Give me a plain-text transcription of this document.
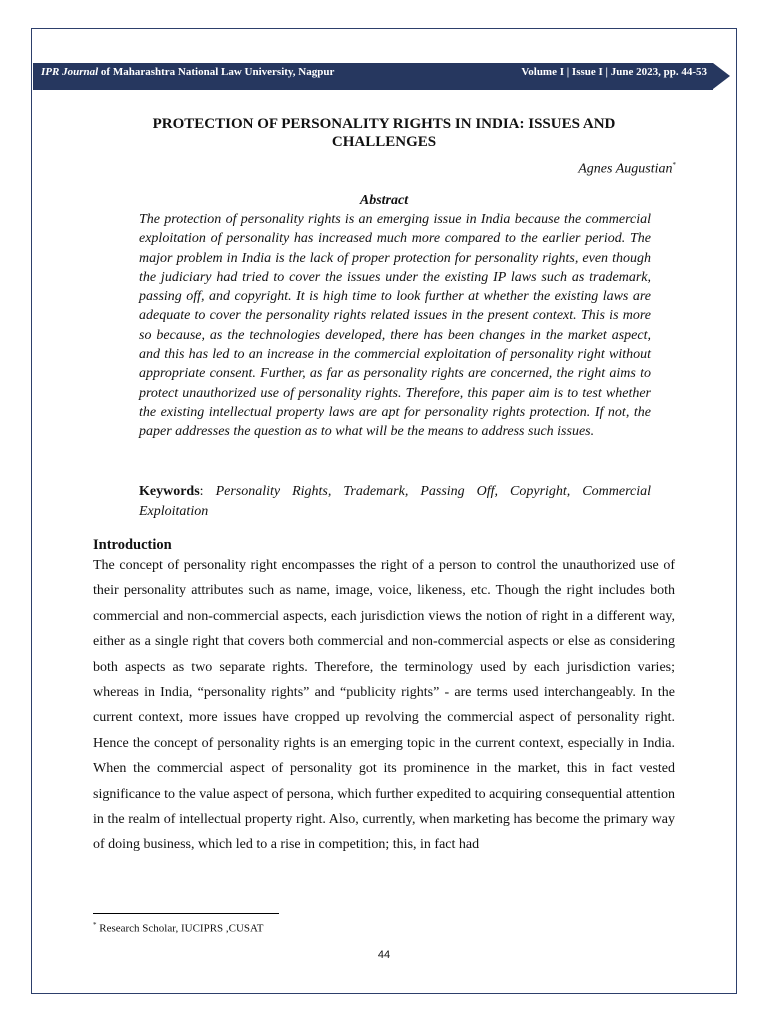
IPR Journal of Maharashtra National Law University, Nagpur	Volume I | Issue I | June 2023, pp. 44-53
PROTECTION OF PERSONALITY RIGHTS IN INDIA: ISSUES AND CHALLENGES
Agnes Augustian*
Abstract
The protection of personality rights is an emerging issue in India because the commercial exploitation of personality has increased much more compared to the earlier period. The major problem in India is the lack of proper protection for personality rights, even though the judiciary had tried to cover the issues under the existing IP laws such as trademark, passing off, and copyright. It is high time to look further at whether the existing laws are adequate to cover the personality rights related issues in the present context. This is more so because, as the technologies developed, there has been changes in the market aspect, and this has led to an increase in the commercial exploitation of personality right without appropriate consent. Further, as far as personality rights are concerned, the right aims to protect unauthorized use of personality rights. Therefore, this paper aim is to test whether the existing intellectual property laws are apt for personality rights protection. If not, the paper addresses the question as to what will be the means to address such issues.
Keywords: Personality Rights, Trademark, Passing Off, Copyright, Commercial Exploitation
Introduction
The concept of personality right encompasses the right of a person to control the unauthorized use of their personality attributes such as name, image, voice, likeness, etc. Though the right includes both commercial and non-commercial aspects, each jurisdiction views the notion of right in a different way, either as a single right that covers both commercial and non-commercial aspects or else as considering both aspects as two separate rights. Therefore, the terminology used by each jurisdiction varies; whereas in India, “personality rights” and “publicity rights” - are terms used interchangeably. In the current context, more issues have cropped up revolving the commercial aspect of personality right. Hence the concept of personality rights is an emerging topic in the current context, especially in India. When the commercial aspect of personality got its prominence in the market, this in fact vested significance to the value aspect of persona, which further expedited to acquiring consequential attention in the realm of intellectual property right. Also, currently, when marketing has become the primary way of doing business, which led to a rise in competition; this, in fact had
* Research Scholar, IUCIPRS ,CUSAT
44
